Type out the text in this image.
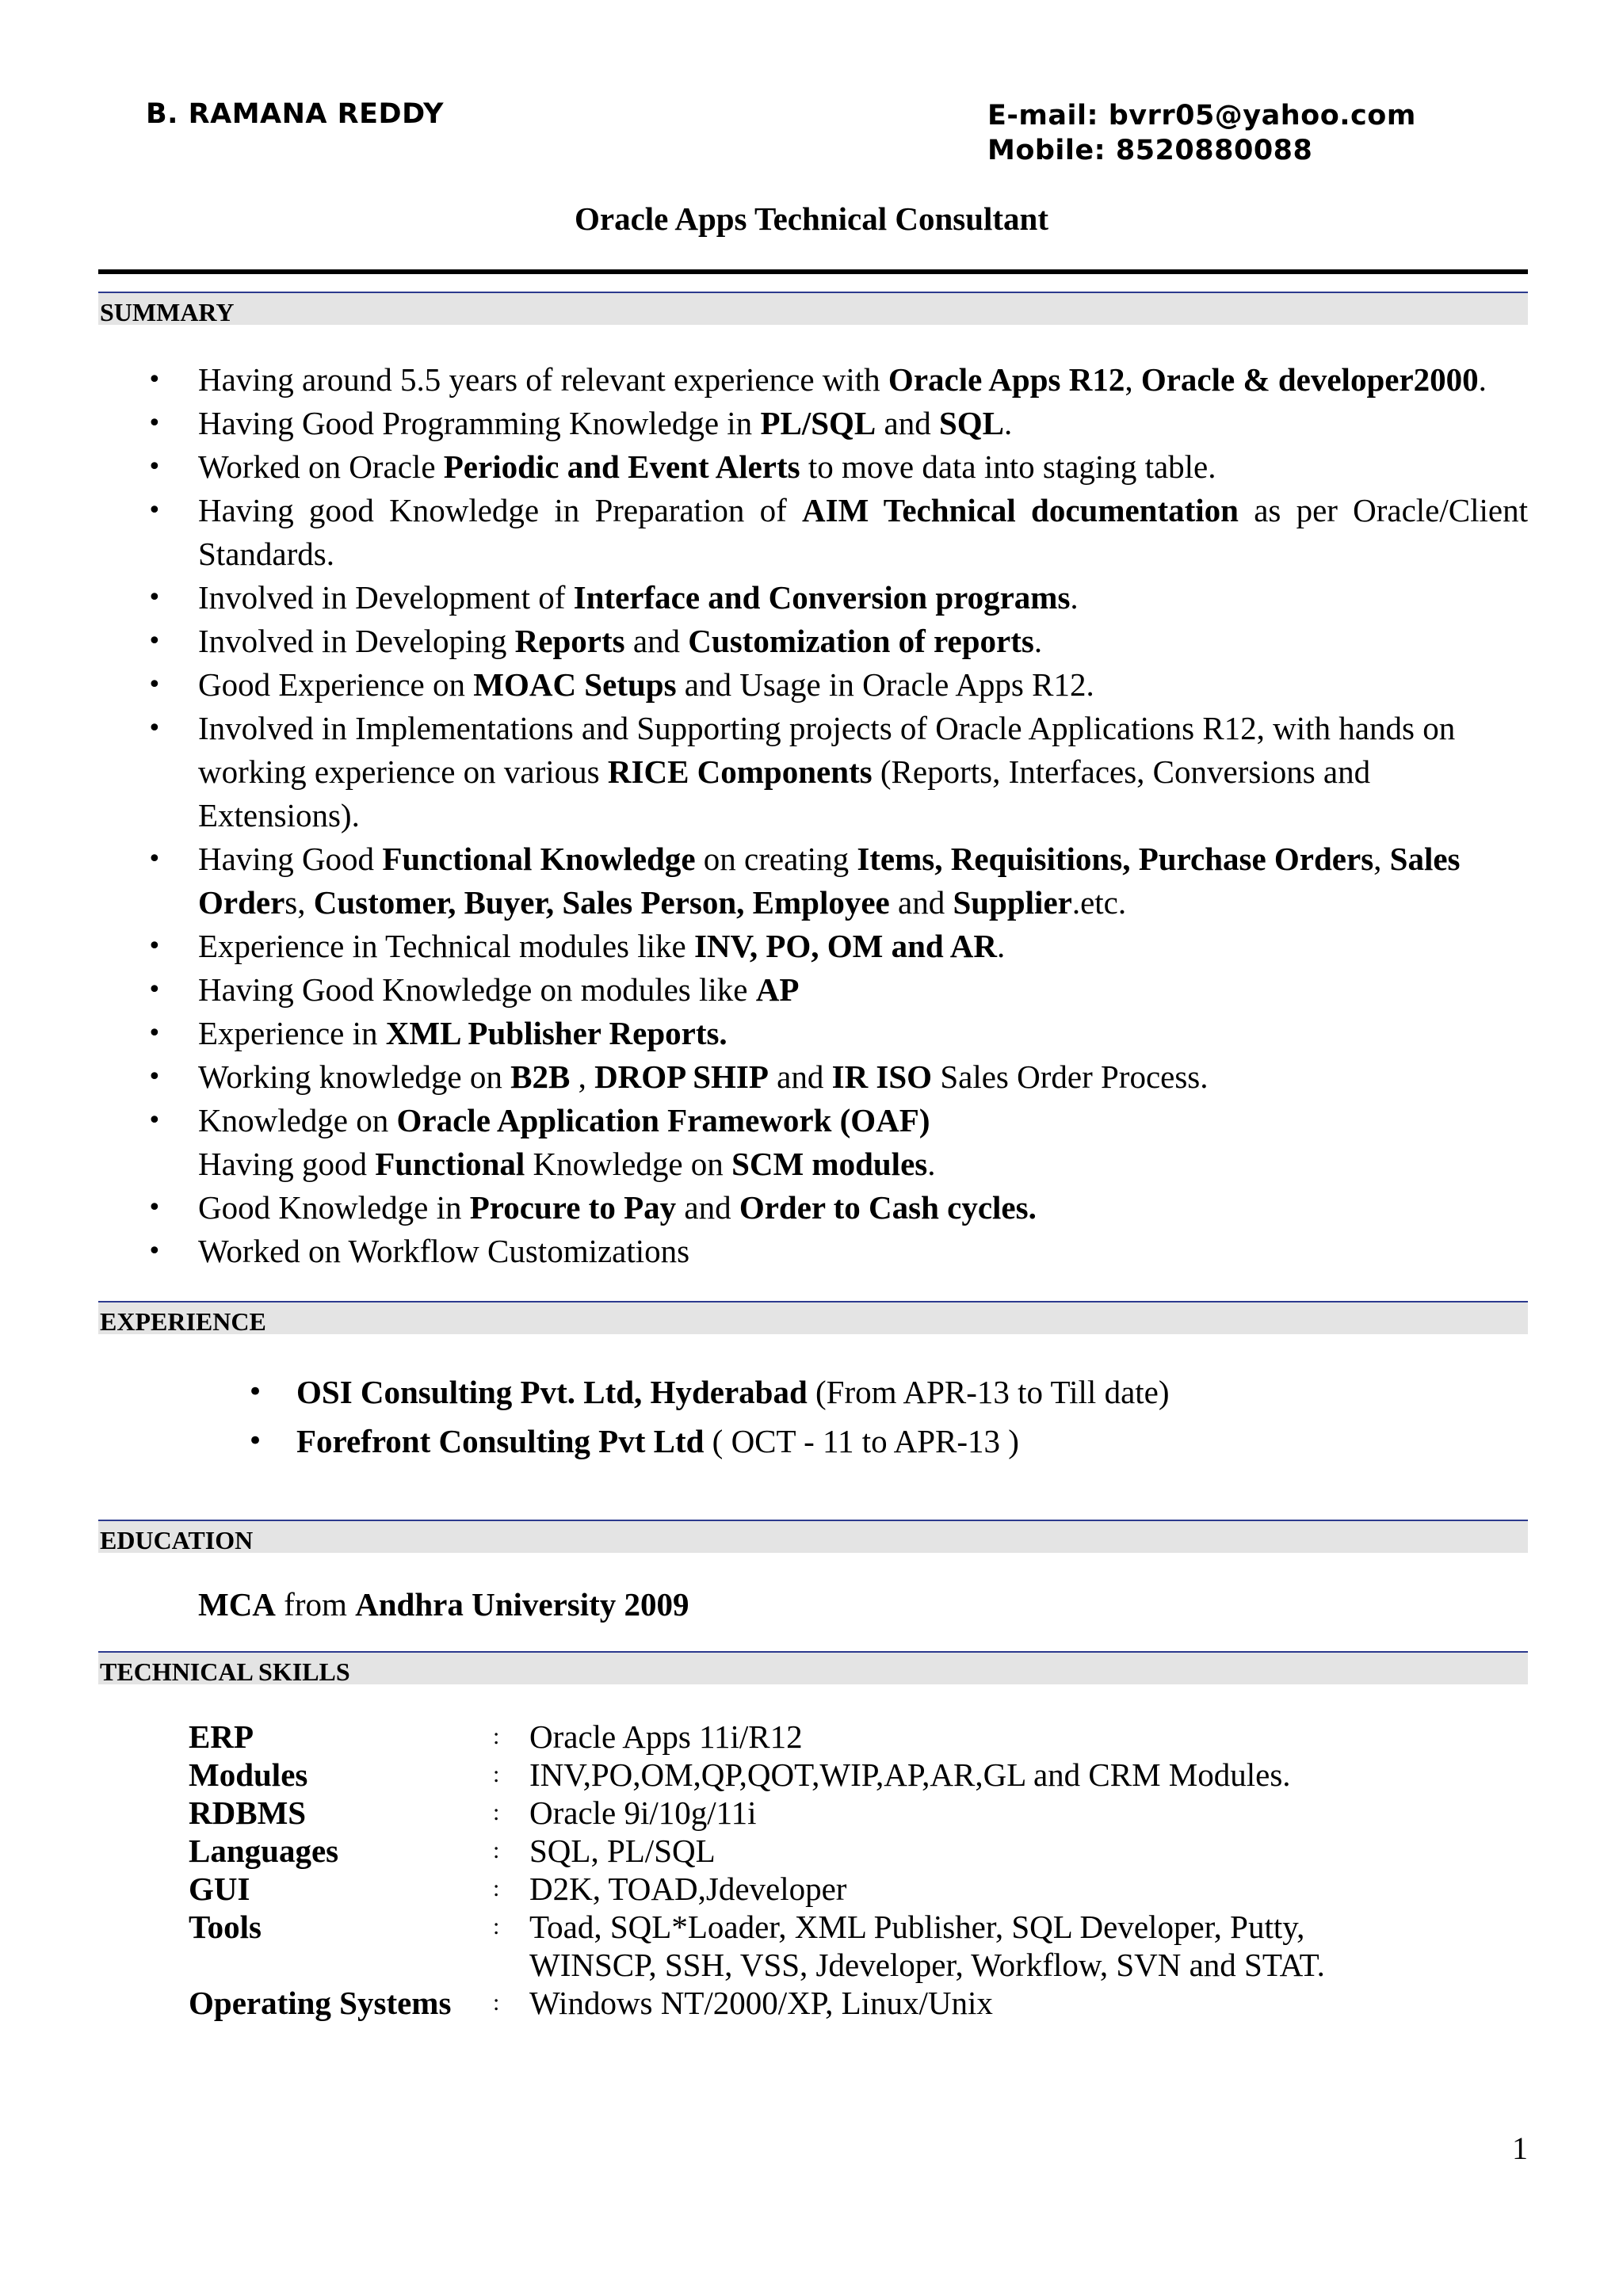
B. RAMANA REDDY	E-mail: bvrr05@yahoo.com
Mobile: 8520880088
Oracle Apps Technical Consultant
SUMMARY
• Having around 5.5 years of relevant experience with Oracle Apps R12, Oracle & developer2000.
• Having Good Programming Knowledge in PL/SQL and SQL.
• Worked on Oracle Periodic and Event Alerts to move data into staging table.
• Having good Knowledge in Preparation of AIM Technical documentation as per Oracle/Client Standards.
• Involved in Development of Interface and Conversion programs.
• Involved in Developing Reports and Customization of reports.
• Good Experience on MOAC Setups and Usage in Oracle Apps R12.
• Involved in Implementations and Supporting projects of Oracle Applications R12, with hands on working experience on various RICE Components (Reports, Interfaces, Conversions and Extensions).
• Having Good Functional Knowledge on creating Items, Requisitions, Purchase Orders, Sales Orders, Customer, Buyer, Sales Person, Employee and Supplier.etc.
• Experience in Technical modules like INV, PO, OM and AR.
• Having Good Knowledge on modules like AP
• Experience in XML Publisher Reports.
• Working knowledge on B2B , DROP SHIP and IR ISO Sales Order Process.
• Knowledge on Oracle Application Framework (OAF)
Having good Functional Knowledge on SCM modules.
• Good Knowledge in Procure to Pay and Order to Cash cycles.
• Worked on Workflow Customizations
EXPERIENCE
• OSI Consulting Pvt. Ltd, Hyderabad (From APR-13 to Till date)
• Forefront Consulting Pvt Ltd ( OCT - 11 to APR-13 )
EDUCATION
MCA from Andhra University 2009
TECHNICAL SKILLS
ERP	:	Oracle Apps 11i/R12
Modules	:	INV,PO,OM,QP,QOT,WIP,AP,AR,GL and CRM Modules.
RDBMS	:	Oracle 9i/10g/11i
Languages	:	SQL, PL/SQL
GUI	:	D2K, TOAD,Jdeveloper
Tools	:	Toad, SQL*Loader, XML Publisher, SQL Developer, Putty,
		WINSCP, SSH, VSS, Jdeveloper, Workflow, SVN and STAT.
Operating Systems	:	Windows NT/2000/XP, Linux/Unix
1
